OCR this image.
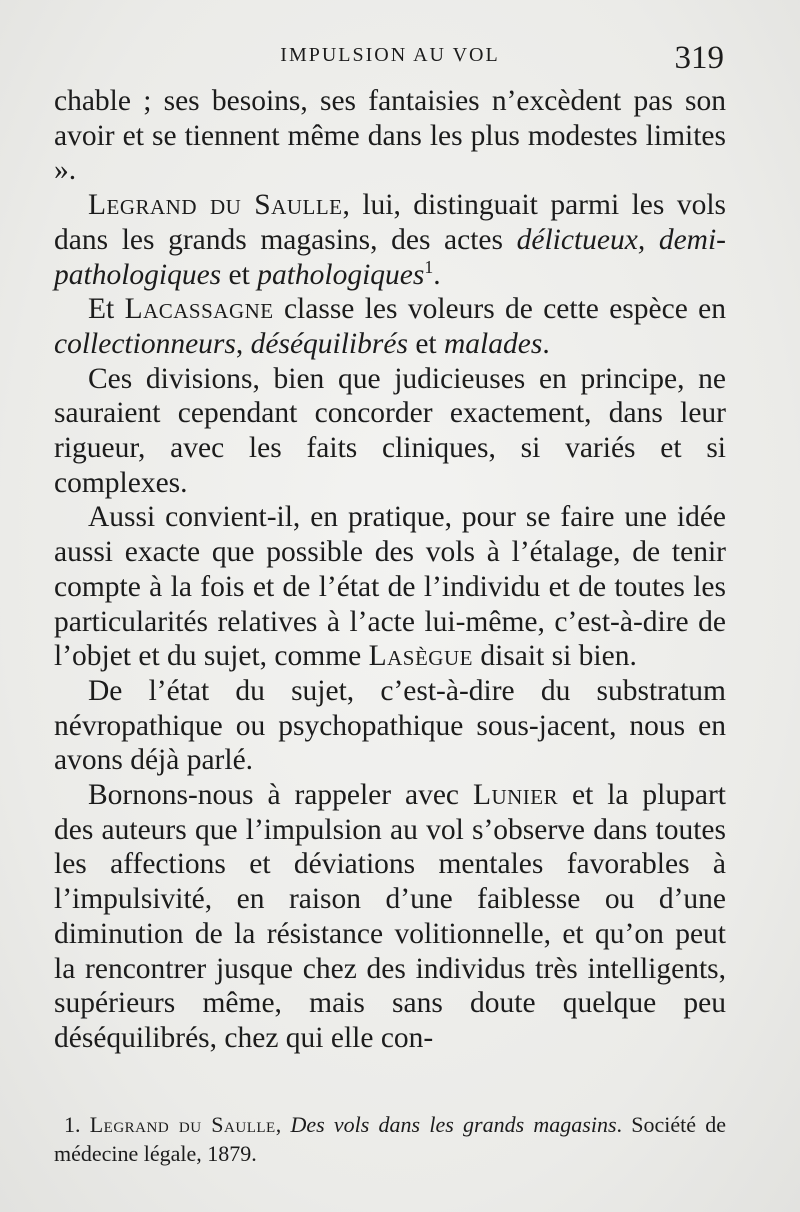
IMPULSION AU VOL	319

chable ; ses besoins, ses fantaisies n’excèdent pas son avoir et se tiennent même dans les plus modestes limites ».

Legrand du Saulle, lui, distinguait parmi les vols dans les grands magasins, des actes délictueux, demi-pathologiques et pathologiques$^1$.

Et Lacassagne classe les voleurs de cette espèce en collectionneurs, déséquilibrés et malades.

Ces divisions, bien que judicieuses en principe, ne sauraient cependant concorder exactement, dans leur rigueur, avec les faits cliniques, si variés et si complexes.

Aussi convient-il, en pratique, pour se faire une idée aussi exacte que possible des vols à l’étalage, de tenir compte à la fois et de l’état de l’individu et de toutes les particularités relatives à l’acte lui-même, c’est-à-dire de l’objet et du sujet, comme Lasègue disait si bien.

De l’état du sujet, c’est-à-dire du substratum névropathique ou psychopathique sous-jacent, nous en avons déjà parlé.

Bornons-nous à rappeler avec Lunier et la plupart des auteurs que l’impulsion au vol s’observe dans toutes les affections et déviations mentales favorables à l’impulsivité, en raison d’une faiblesse ou d’une diminution de la résistance volitionnelle, et qu’on peut la rencontrer jusque chez des individus très intelligents, supérieurs même, mais sans doute quelque peu déséquilibrés, chez qui elle con-

1. Legrand du Saulle, Des vols dans les grands magasins. Société de médecine légale, 1879.
